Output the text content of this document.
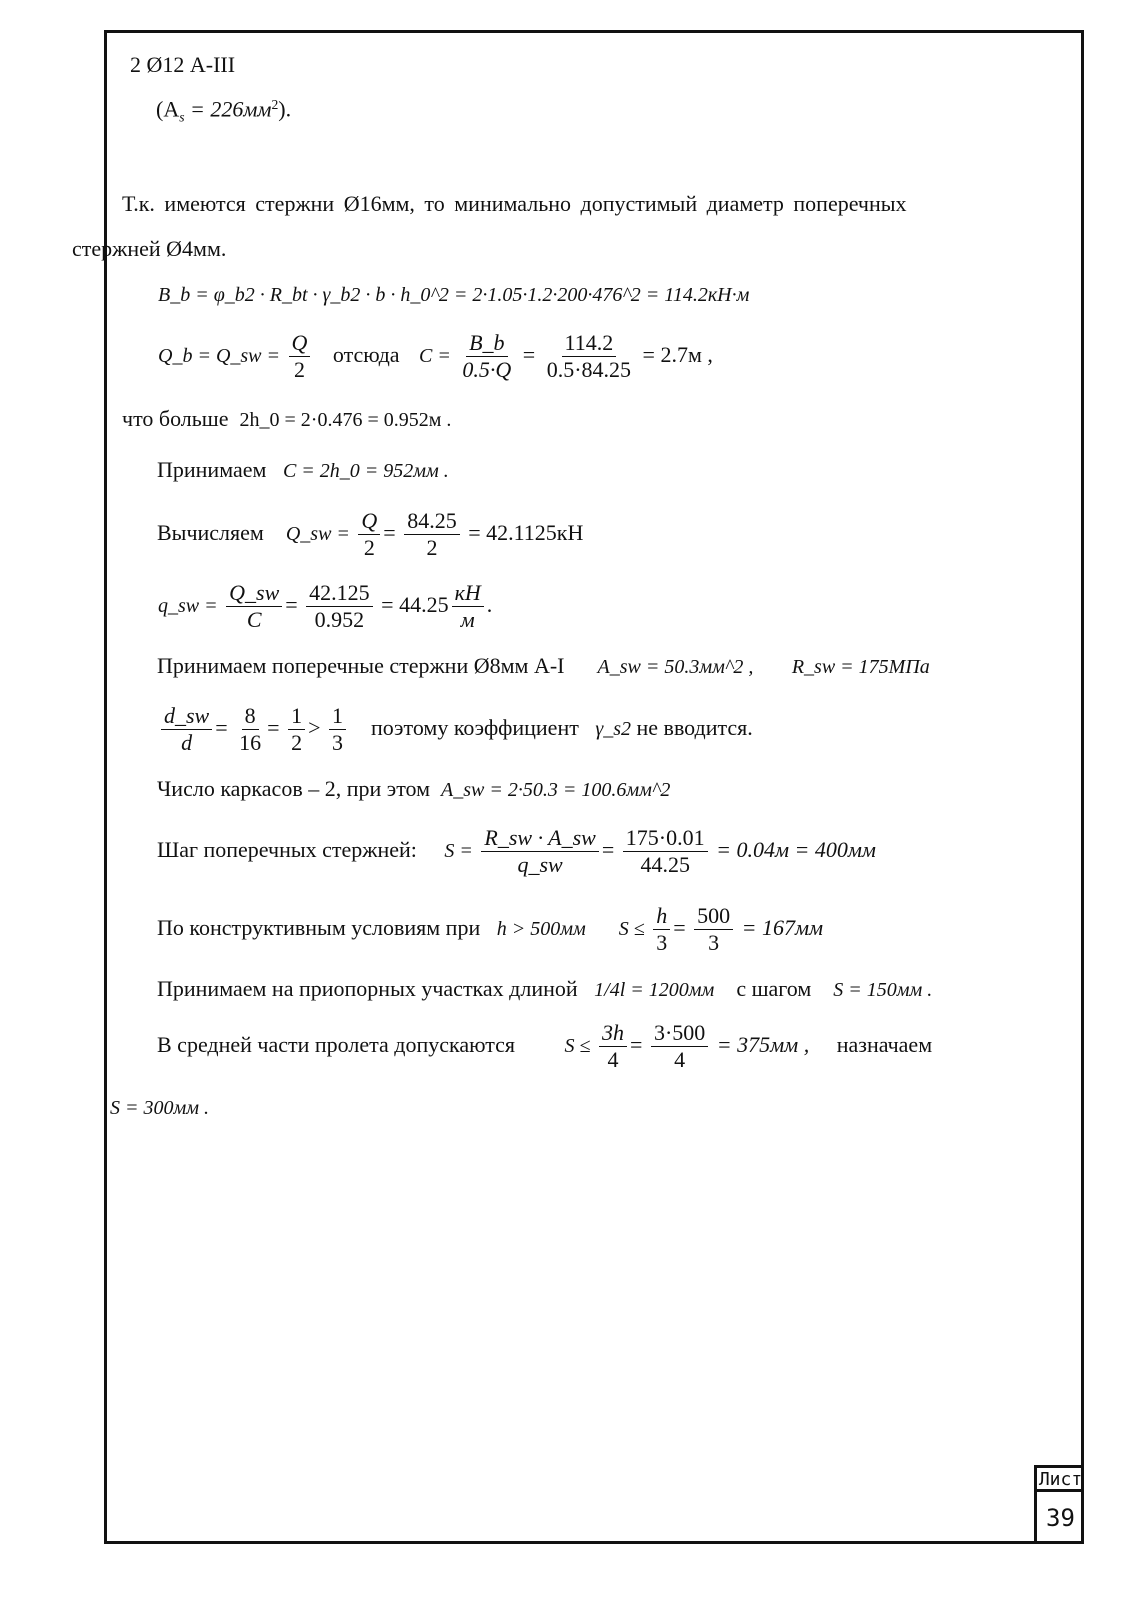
2 Ø12 А-III
$(A_s = 226мм^2)$.
Т.к. имеются стержни Ø16мм, то минимально допустимый диаметр поперечных
стержней Ø4мм.
B_b = φ_b2 · R_bt · γ_b2 · b · h_0^2 = 2·1.05·1.2·200·476^2 = 114.2кН·м
Q_b = Q_sw = $\frac{Q}{2}$ отсюда $C = \frac{B\_b}{0.5\cdot Q} = \frac{114.2}{0.5\cdot 84.25} = 2.7м$ ,
что больше 2h_0 = 2·0.476 = 0.952м .
Принимаем C = 2h_0 = 952мм .
Вычисляем Q_sw = $\frac{Q}{2} = \frac{84.25}{2} = 42.1125кН$
q_sw = $\frac{Q\_sw}{C} = \frac{42.125}{0.952} = 44.25$ кН
м
.
Принимаем поперечные стержни Ø8мм А-I A_sw = 50.3мм^2 , R_sw = 175МПа
$\frac{d\_sw}{d} = \frac{8}{16} = \frac{1}{2} > \frac{1}{3}$ поэтому коэффициент γ_s2 не вводится.
Число каркасов – 2, при этом A_sw = 2·50.3 = 100.6мм^2
Шаг поперечных стержней: $S = \frac{R\_sw \cdot A\_sw}{q\_sw} = \frac{175\cdot 0.01}{44.25} = 0.04м = 400мм$
По конструктивным условиям при h > 500мм $S \le \frac{h}{3} = \frac{500}{3} = 167мм$
Принимаем на приопорных участках длиной 1/4l = 1200мм с шагом S = 150мм .
В средней части пролета допускаются $S \le \frac{3h}{4} = \frac{3\cdot 500}{4} = 375мм$ , назначаем
S = 300мм .
Лист
39
